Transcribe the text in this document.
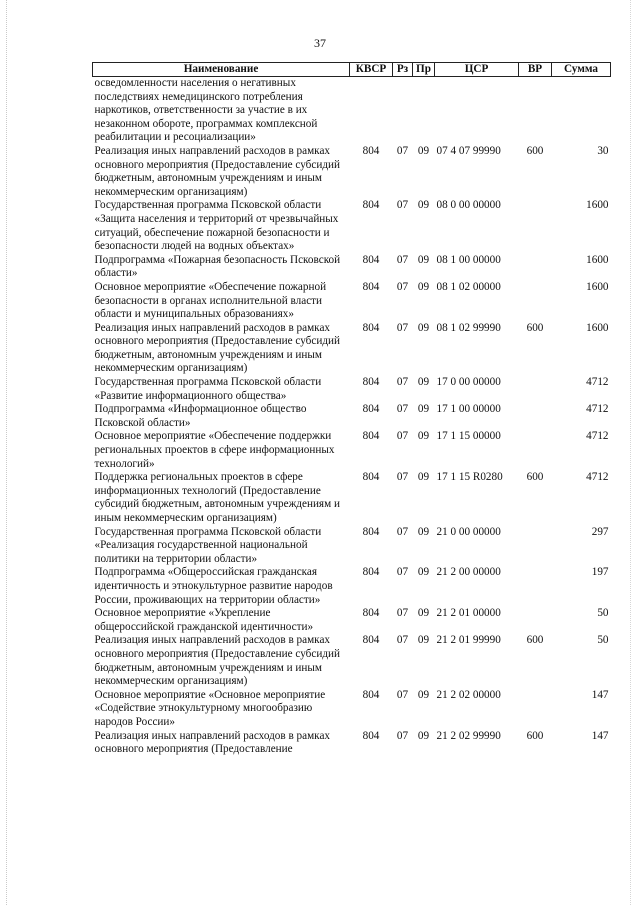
37
Наименование	КВСР	Рз	Пр	ЦСР	ВР	Сумма
осведомленности населения о негативных последствиях немедицинского потребления наркотиков, ответственности за участие в их незаконном обороте, программах комплексной реабилитации и ресоциализации»						
Реализация иных направлений расходов в рамках основного мероприятия (Предоставление субсидий бюджетным, автономным учреждениям и иным некоммерческим организациям)	804	07	09	07 4 07 99990	600	30
Государственная программа Псковской области «Защита населения и территорий от чрезвычайных ситуаций, обеспечение пожарной безопасности и безопасности людей на водных объектах»	804	07	09	08 0 00 00000		1600
Подпрограмма «Пожарная безопасность Псковской области»	804	07	09	08 1 00 00000		1600
Основное мероприятие «Обеспечение пожарной безопасности в органах исполнительной власти области и муниципальных образованиях»	804	07	09	08 1 02 00000		1600
Реализация иных направлений расходов в рамках основного мероприятия (Предоставление субсидий бюджетным, автономным учреждениям и иным некоммерческим организациям)	804	07	09	08 1 02 99990	600	1600
Государственная программа Псковской области «Развитие информационного общества»	804	07	09	17 0 00 00000		4712
Подпрограмма «Информационное общество Псковской области»	804	07	09	17 1 00 00000		4712
Основное мероприятие «Обеспечение поддержки региональных проектов в сфере информационных технологий»	804	07	09	17 1 15 00000		4712
Поддержка региональных проектов в сфере информационных технологий (Предоставление субсидий бюджетным, автономным учреждениям и иным некоммерческим организациям)	804	07	09	17 1 15 R0280	600	4712
Государственная программа Псковской области «Реализация государственной национальной политики на территории области»	804	07	09	21 0 00 00000		297
Подпрограмма «Общероссийская гражданская идентичность и этнокультурное развитие народов России, проживающих на территории области»	804	07	09	21 2 00 00000		197
Основное мероприятие «Укрепление общероссийской гражданской идентичности»	804	07	09	21 2 01 00000		50
Реализация иных направлений расходов в рамках основного мероприятия (Предоставление субсидий бюджетным, автономным учреждениям и иным некоммерческим организациям)	804	07	09	21 2 01 99990	600	50
Основное мероприятие «Основное мероприятие «Содействие этнокультурному многообразию народов России»	804	07	09	21 2 02 00000		147
Реализация иных направлений расходов в рамках основного мероприятия (Предоставление	804	07	09	21 2 02 99990	600	147
